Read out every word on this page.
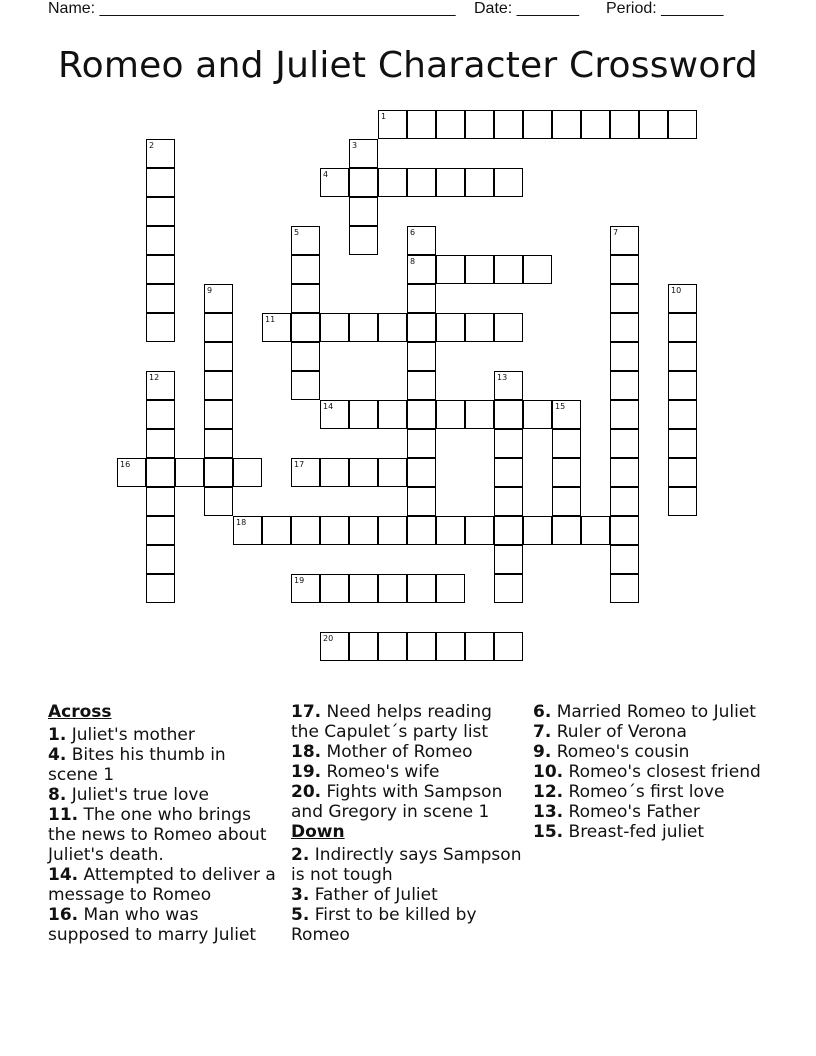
Name: ________________________________________ Date: _______ Period: _______
Romeo and Juliet Character Crossword
1
2	3
4
5	6
8
7
9	10
11
12	13
14	15
16	17
18
19
20
Across
1. Juliet's mother
4. Bites his thumb in scene 1
8. Juliet's true love
11. The one who brings the news to Romeo about Juliet's death.
14. Attempted to deliver a message to Romeo
16. Man who was supposed to marry Juliet
17. Need helps reading the Capulet´s party list
18. Mother of Romeo
19. Romeo's wife
20. Fights with Sampson and Gregory in scene 1
Down
2. Indirectly says Sampson is not tough
3. Father of Juliet
5. First to be killed by Romeo
6. Married Romeo to Juliet
7. Ruler of Verona
9. Romeo's cousin
10. Romeo's closest friend
12. Romeo´s first love
13. Romeo's Father
15. Breast-fed juliet
